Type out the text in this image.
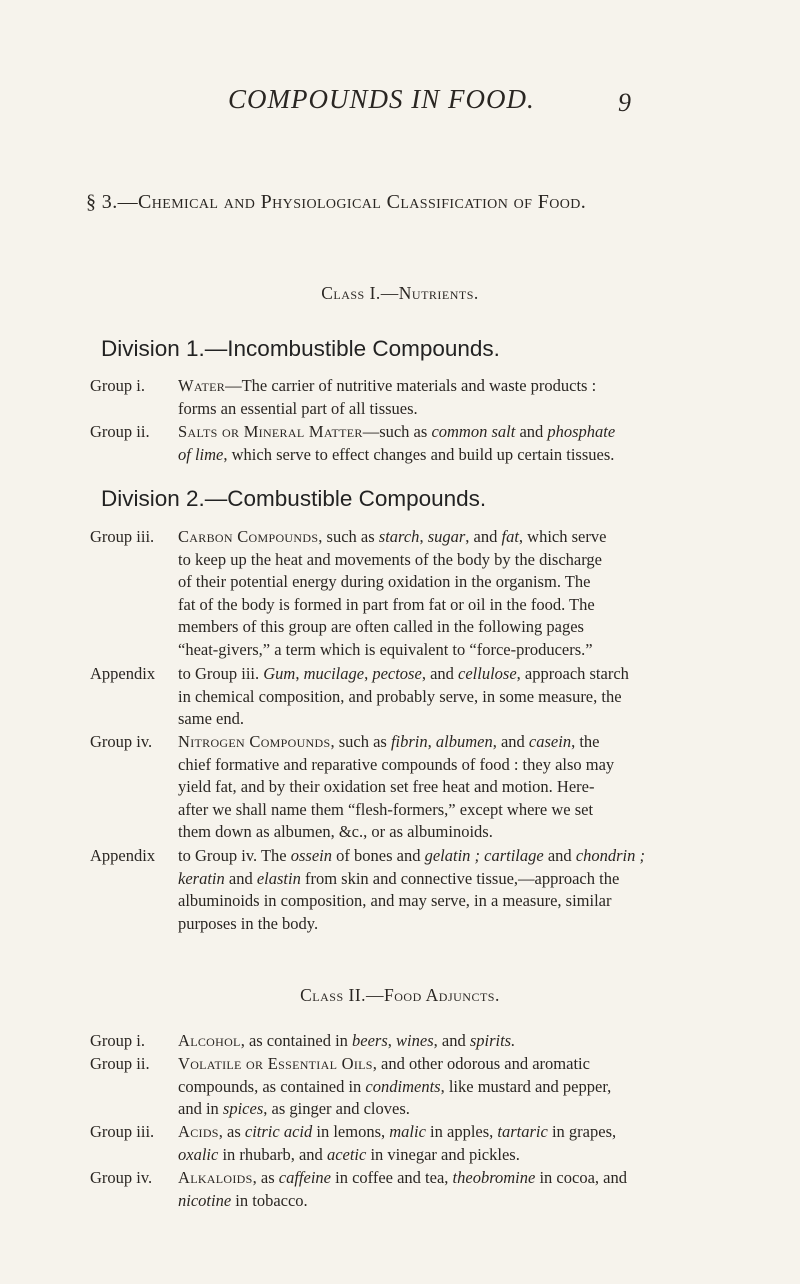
COMPOUNDS IN FOOD.	9
§ 3.—Chemical and Physiological Classification of Food.
Class I.—Nutrients.
Division 1.—Incombustible Compounds.
Group i. Water—The carrier of nutritive materials and waste products :
forms an essential part of all tissues.
Group ii. Salts or Mineral Matter—such as common salt and phosphate
of lime, which serve to effect changes and build up certain tissues.
Division 2.—Combustible Compounds.
Group iii. Carbon Compounds, such as starch, sugar, and fat, which serve
to keep up the heat and movements of the body by the discharge
of their potential energy during oxidation in the organism. The
fat of the body is formed in part from fat or oil in the food. The
members of this group are often called in the following pages
“heat-givers,” a term which is equivalent to “force-producers.”
Appendix to Group iii. Gum, mucilage, pectose, and cellulose, approach starch
in chemical composition, and probably serve, in some measure, the
same end.
Group iv. Nitrogen Compounds, such as fibrin, albumen, and casein, the
chief formative and reparative compounds of food : they also may
yield fat, and by their oxidation set free heat and motion. Here-
after we shall name them “flesh-formers,” except where we set
them down as albumen, &c., or as albuminoids.
Appendix to Group iv. The ossein of bones and gelatin ; cartilage and chondrin ;
keratin and elastin from skin and connective tissue,—approach the
albuminoids in composition, and may serve, in a measure, similar
purposes in the body.
Class II.—Food Adjuncts.
Group i. Alcohol, as contained in beers, wines, and spirits.
Group ii. Volatile or Essential Oils, and other odorous and aromatic
compounds, as contained in condiments, like mustard and pepper,
and in spices, as ginger and cloves.
Group iii. Acids, as citric acid in lemons, malic in apples, tartaric in grapes,
oxalic in rhubarb, and acetic in vinegar and pickles.
Group iv. Alkaloids, as caffeine in coffee and tea, theobromine in cocoa, and
nicotine in tobacco.
